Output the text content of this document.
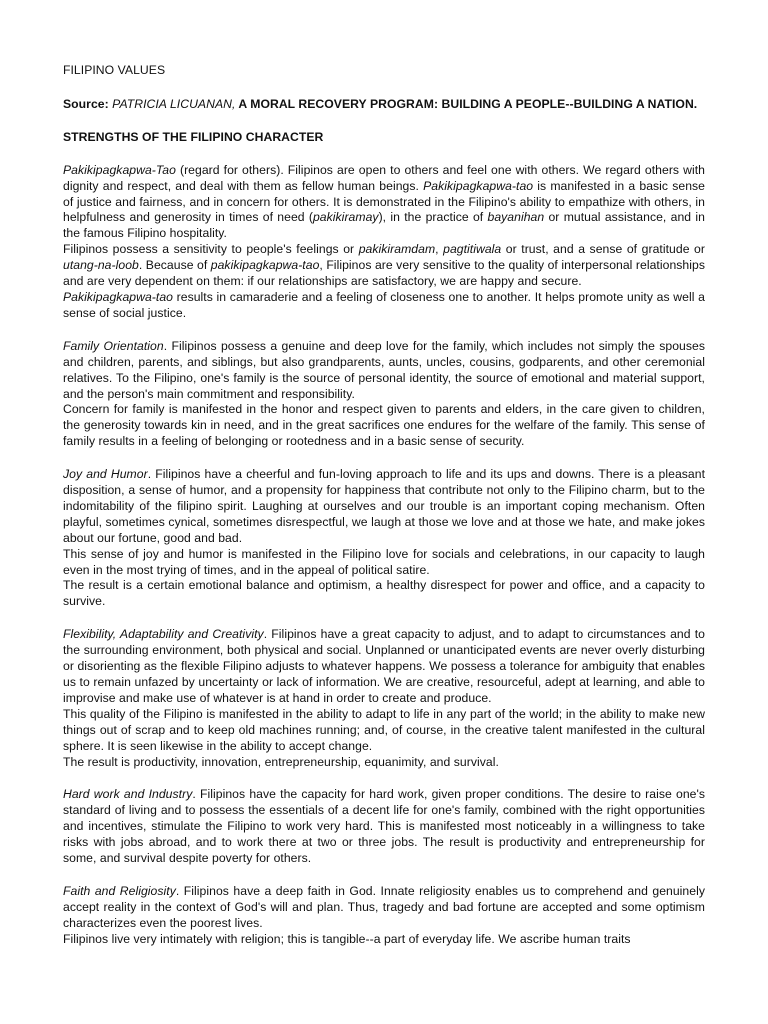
FILIPINO VALUES
Source: PATRICIA LICUANAN, A MORAL RECOVERY PROGRAM: BUILDING A PEOPLE--BUILDING A NATION.
STRENGTHS OF THE FILIPINO CHARACTER

Pakikipagkapwa-Tao (regard for others). Filipinos are open to others and feel one with others. We regard others with dignity and respect, and deal with them as fellow human beings. Pakikipagkapwa-tao is manifested in a basic sense of justice and fairness, and in concern for others. It is demonstrated in the Filipino's ability to empathize with others, in helpfulness and generosity in times of need (pakikiramay), in the practice of bayanihan or mutual assistance, and in the famous Filipino hospitality.

Filipinos possess a sensitivity to people's feelings or pakikiramdam, pagtitiwala or trust, and a sense of gratitude or utang-na-loob. Because of pakikipagkapwa-tao, Filipinos are very sensitive to the quality of interpersonal relationships and are very dependent on them: if our relationships are satisfactory, we are happy and secure.

Pakikipagkapwa-tao results in camaraderie and a feeling of closeness one to another. It helps promote unity as well a sense of social justice.

Family Orientation. Filipinos possess a genuine and deep love for the family, which includes not simply the spouses and children, parents, and siblings, but also grandparents, aunts, uncles, cousins, godparents, and other ceremonial relatives. To the Filipino, one's family is the source of personal identity, the source of emotional and material support, and the person's main commitment and responsibility.

Concern for family is manifested in the honor and respect given to parents and elders, in the care given to children, the generosity towards kin in need, and in the great sacrifices one endures for the welfare of the family. This sense of family results in a feeling of belonging or rootedness and in a basic sense of security.

Joy and Humor. Filipinos have a cheerful and fun-loving approach to life and its ups and downs. There is a pleasant disposition, a sense of humor, and a propensity for happiness that contribute not only to the Filipino charm, but to the indomitability of the filipino spirit. Laughing at ourselves and our trouble is an important coping mechanism. Often playful, sometimes cynical, sometimes disrespectful, we laugh at those we love and at those we hate, and make jokes about our fortune, good and bad.

This sense of joy and humor is manifested in the Filipino love for socials and celebrations, in our capacity to laugh even in the most trying of times, and in the appeal of political satire.

The result is a certain emotional balance and optimism, a healthy disrespect for power and office, and a capacity to survive.

Flexibility, Adaptability and Creativity. Filipinos have a great capacity to adjust, and to adapt to circumstances and to the surrounding environment, both physical and social. Unplanned or unanticipated events are never overly disturbing or disorienting as the flexible Filipino adjusts to whatever happens. We possess a tolerance for ambiguity that enables us to remain unfazed by uncertainty or lack of information. We are creative, resourceful, adept at learning, and able to improvise and make use of whatever is at hand in order to create and produce.

This quality of the Filipino is manifested in the ability to adapt to life in any part of the world; in the ability to make new things out of scrap and to keep old machines running; and, of course, in the creative talent manifested in the cultural sphere. It is seen likewise in the ability to accept change.

The result is productivity, innovation, entrepreneurship, equanimity, and survival.

Hard work and Industry. Filipinos have the capacity for hard work, given proper conditions. The desire to raise one's standard of living and to possess the essentials of a decent life for one's family, combined with the right opportunities and incentives, stimulate the Filipino to work very hard. This is manifested most noticeably in a willingness to take risks with jobs abroad, and to work there at two or three jobs. The result is productivity and entrepreneurship for some, and survival despite poverty for others.

Faith and Religiosity. Filipinos have a deep faith in God. Innate religiosity enables us to comprehend and genuinely accept reality in the context of God's will and plan. Thus, tragedy and bad fortune are accepted and some optimism characterizes even the poorest lives.

Filipinos live very intimately with religion; this is tangible--a part of everyday life. We ascribe human traits
